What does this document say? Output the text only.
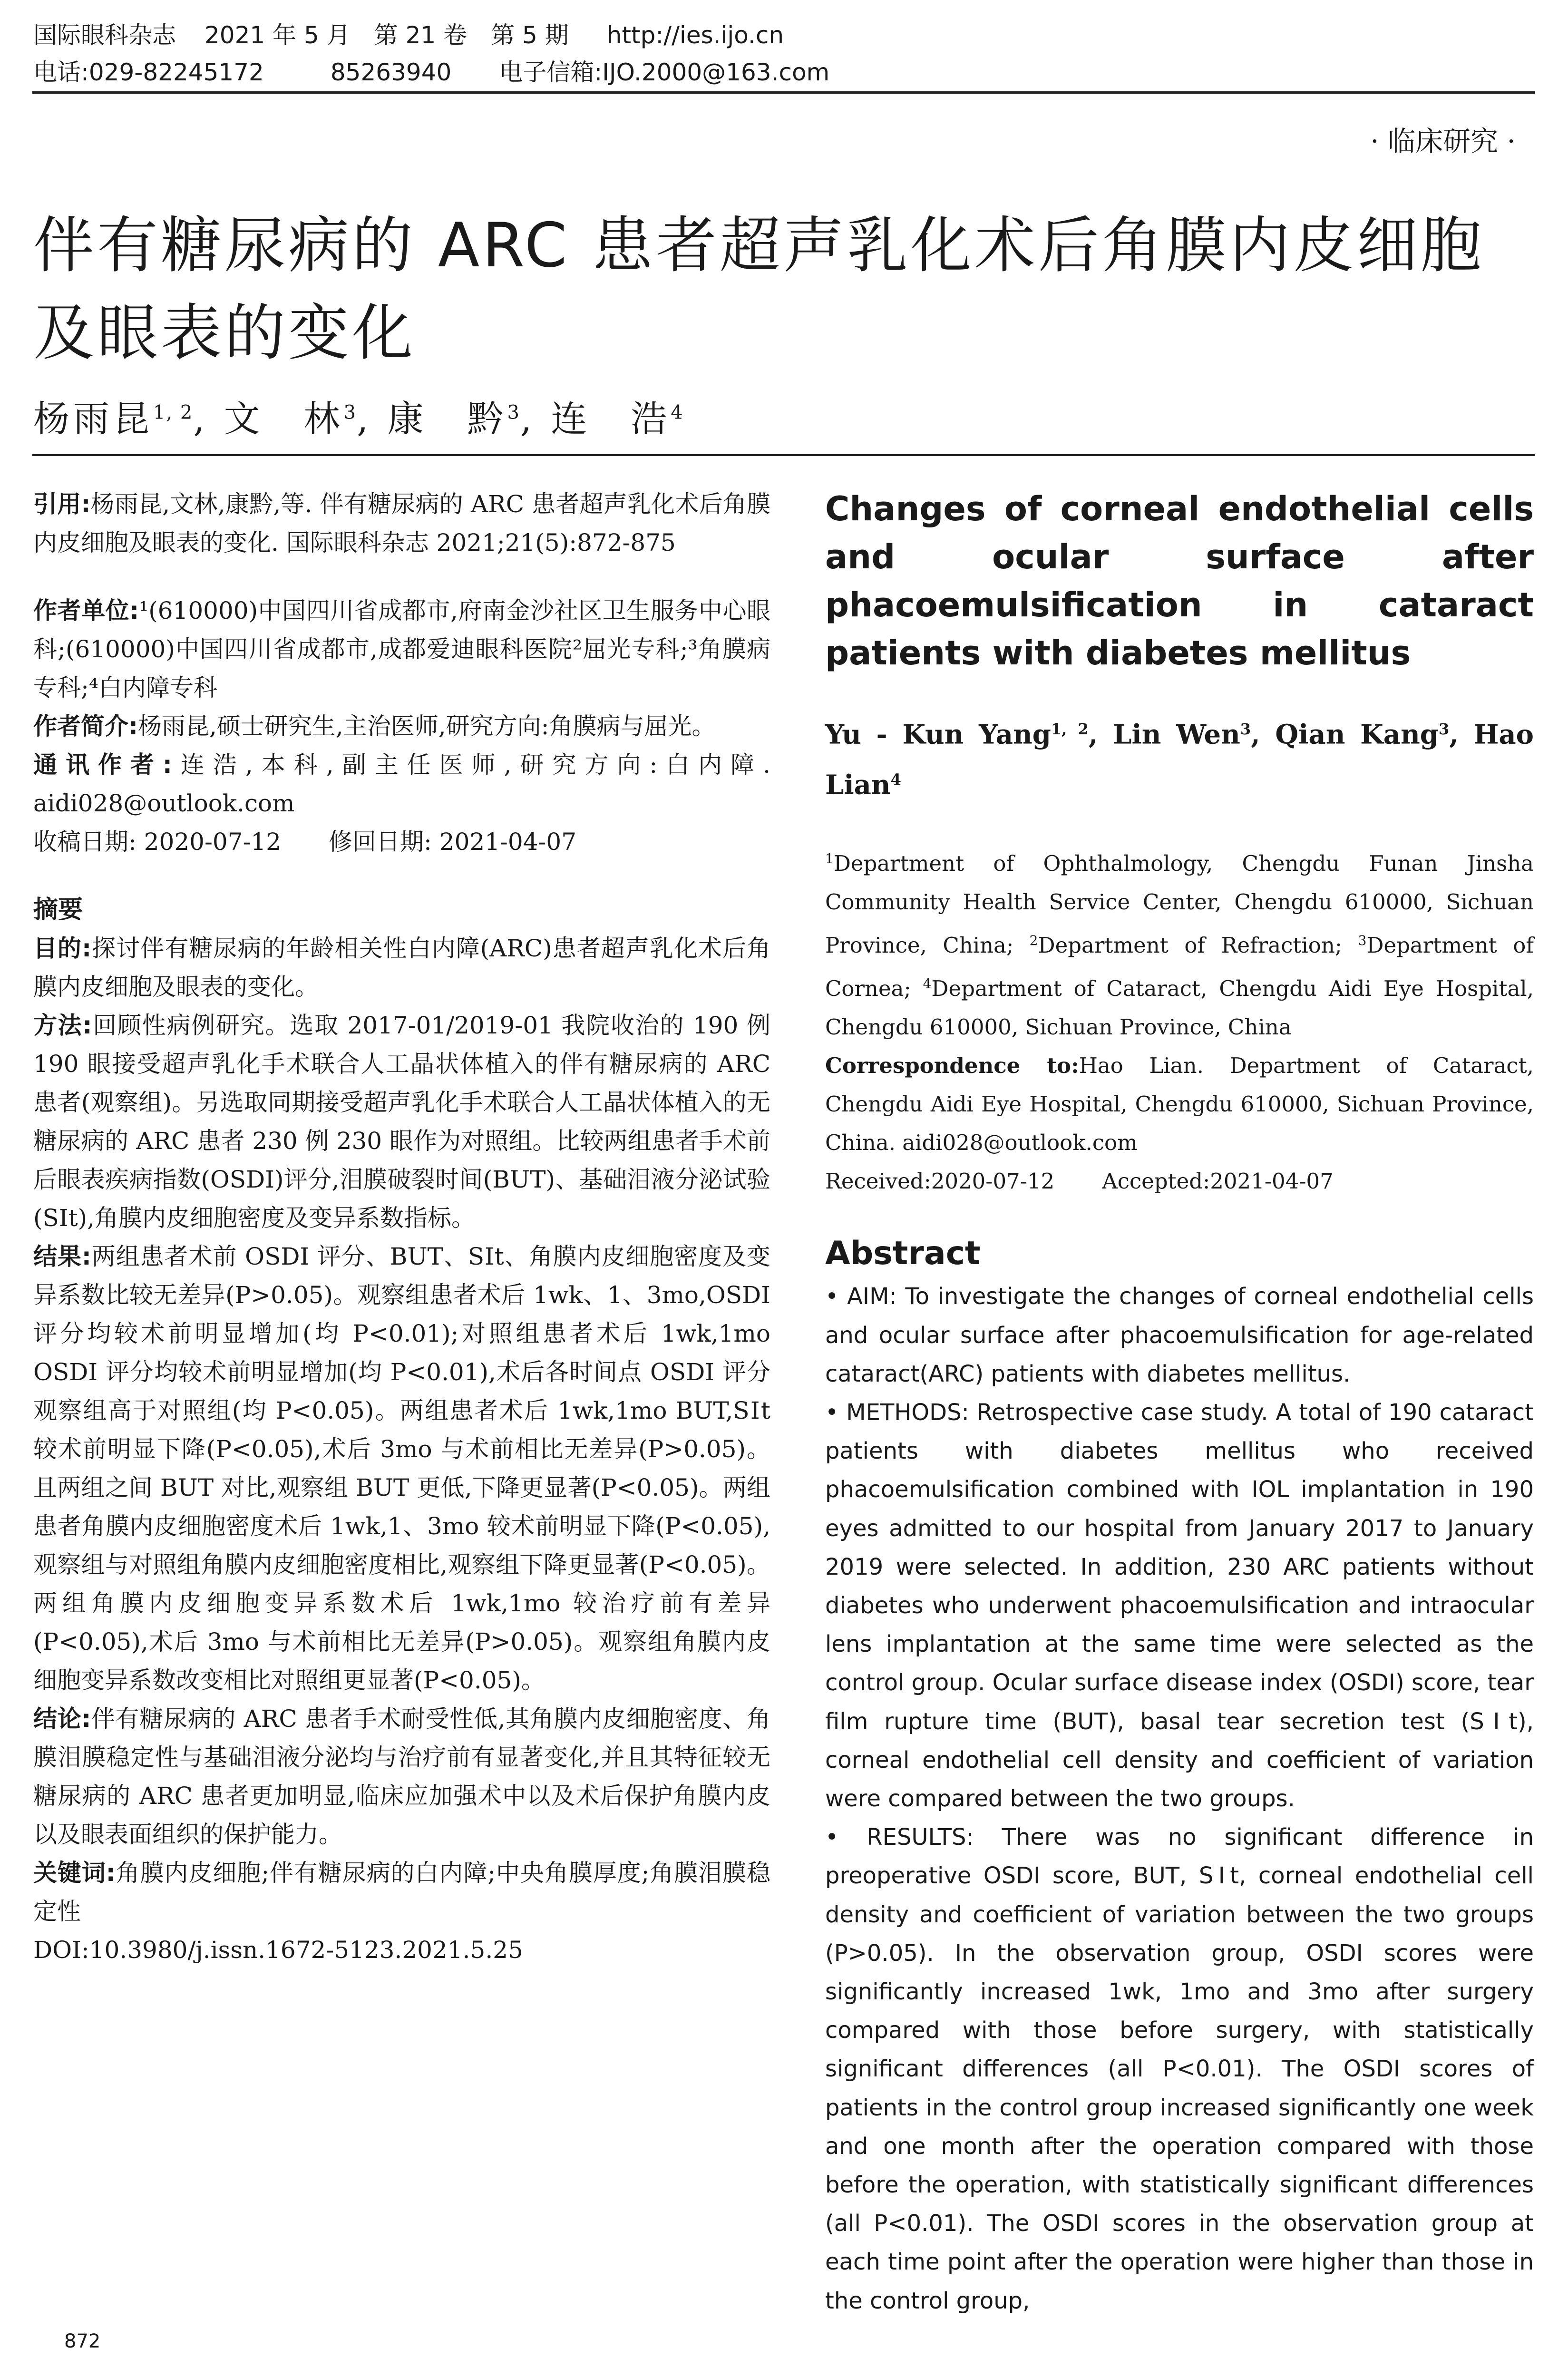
国际眼科杂志 2021 年 5 月　第 21 卷　第 5 期 http://ies.ijo.cn
电话:029-82245172	85263940 电子信箱:IJO.2000@163.com
· 临床研究 ·
伴有糖尿病的 ARC 患者超声乳化术后角膜内皮细胞及眼表的变化
杨雨昆$^{1, 2}$, 文　林$^3$, 康　黔$^3$, 连　浩$^4$

引用:杨雨昆,文林,康黔,等. 伴有糖尿病的 ARC 患者超声乳化术后角膜内皮细胞及眼表的变化. 国际眼科杂志 2021;21(5):872-875

作者单位:¹(610000)中国四川省成都市,府南金沙社区卫生服务中心眼科;(610000)中国四川省成都市,成都爱迪眼科医院²屈光专科;³角膜病专科;⁴白内障专科

作者简介:杨雨昆,硕士研究生,主治医师,研究方向:角膜病与屈光。

通讯作者:连浩,本科,副主任医师,研究方向:白内障. aidi028@outlook.com

收稿日期: 2020-07-12　　修回日期: 2021-04-07

摘要

目的:探讨伴有糖尿病的年龄相关性白内障(ARC)患者超声乳化术后角膜内皮细胞及眼表的变化。

方法:回顾性病例研究。选取 2017-01/2019-01 我院收治的 190 例 190 眼接受超声乳化手术联合人工晶状体植入的伴有糖尿病的 ARC 患者(观察组)。另选取同期接受超声乳化手术联合人工晶状体植入的无糖尿病的 ARC 患者 230 例 230 眼作为对照组。比较两组患者手术前后眼表疾病指数(OSDI)评分,泪膜破裂时间(BUT)、基础泪液分泌试验(SⅠt),角膜内皮细胞密度及变异系数指标。

结果:两组患者术前 OSDI 评分、BUT、SⅠt、角膜内皮细胞密度及变异系数比较无差异(P>0.05)。观察组患者术后 1wk、1、3mo,OSDI 评分均较术前明显增加(均 P<0.01);对照组患者术后 1wk,1mo OSDI 评分均较术前明显增加(均 P<0.01),术后各时间点 OSDI 评分观察组高于对照组(均 P<0.05)。两组患者术后 1wk,1mo BUT,SⅠt 较术前明显下降(P<0.05),术后 3mo 与术前相比无差异(P>0.05)。且两组之间 BUT 对比,观察组 BUT 更低,下降更显著(P<0.05)。两组患者角膜内皮细胞密度术后 1wk,1、3mo 较术前明显下降(P<0.05),观察组与对照组角膜内皮细胞密度相比,观察组下降更显著(P<0.05)。两组角膜内皮细胞变异系数术后 1wk,1mo 较治疗前有差异(P<0.05),术后 3mo 与术前相比无差异(P>0.05)。观察组角膜内皮细胞变异系数改变相比对照组更显著(P<0.05)。

结论:伴有糖尿病的 ARC 患者手术耐受性低,其角膜内皮细胞密度、角膜泪膜稳定性与基础泪液分泌均与治疗前有显著变化,并且其特征较无糖尿病的 ARC 患者更加明显,临床应加强术中以及术后保护角膜内皮以及眼表面组织的保护能力。

关键词:角膜内皮细胞;伴有糖尿病的白内障;中央角膜厚度;角膜泪膜稳定性

DOI:10.3980/j.issn.1672-5123.2021.5.25

872

Changes of corneal endothelial cells and ocular surface after phacoemulsification in cataract patients with diabetes mellitus

Yu - Kun Yang$^{1, 2}$, Lin Wen$^3$, Qian Kang$^3$, Hao Lian$^4$

$^1$Department of Ophthalmology, Chengdu Funan Jinsha Community Health Service Center, Chengdu 610000, Sichuan Province, China; $^2$Department of Refraction; $^3$Department of Cornea; $^4$Department of Cataract, Chengdu Aidi Eye Hospital, Chengdu 610000, Sichuan Province, China

Correspondence to:Hao Lian. Department of Cataract, Chengdu Aidi Eye Hospital, Chengdu 610000, Sichuan Province, China. aidi028@outlook.com

Received:2020-07-12 Accepted:2021-04-07

Abstract

• AIM: To investigate the changes of corneal endothelial cells and ocular surface after phacoemulsification for age-related cataract(ARC) patients with diabetes mellitus.

• METHODS: Retrospective case study. A total of 190 cataract patients with diabetes mellitus who received phacoemulsification combined with IOL implantation in 190 eyes admitted to our hospital from January 2017 to January 2019 were selected. In addition, 230 ARC patients without diabetes who underwent phacoemulsification and intraocular lens implantation at the same time were selected as the control group. Ocular surface disease index (OSDI) score, tear film rupture time (BUT), basal tear secretion test (SⅠt), corneal endothelial cell density and coefficient of variation were compared between the two groups.

• RESULTS: There was no significant difference in preoperative OSDI score, BUT, SⅠt, corneal endothelial cell density and coefficient of variation between the two groups (P>0.05). In the observation group, OSDI scores were significantly increased 1wk, 1mo and 3mo after surgery compared with those before surgery, with statistically significant differences (all P<0.01). The OSDI scores of patients in the control group increased significantly one week and one month after the operation compared with those before the operation, with statistically significant differences (all P<0.01). The OSDI scores in the observation group at each time point after the operation were higher than those in the control group,
